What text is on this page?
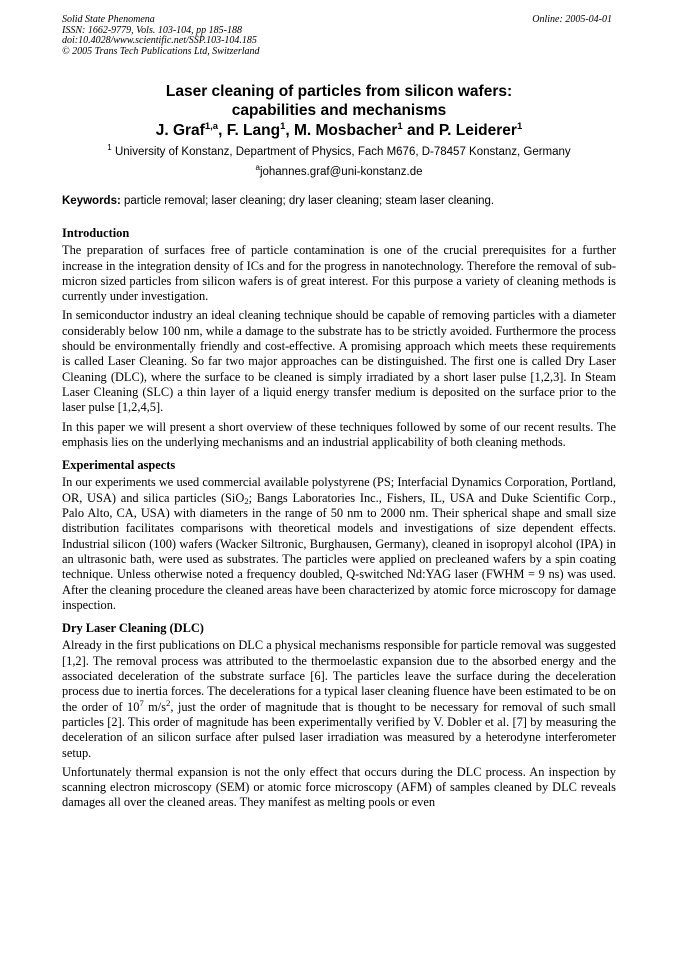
Solid State Phenomena
ISSN: 1662-9779, Vols. 103-104, pp 185-188
doi:10.4028/www.scientific.net/SSP.103-104.185
© 2005 Trans Tech Publications Ltd, Switzerland
Online: 2005-04-01
Laser cleaning of particles from silicon wafers:
capabilities and mechanisms
J. Graf$^{1,a}$, F. Lang$^1$, M. Mosbacher$^1$ and P. Leiderer$^1$
$^1$ University of Konstanz, Department of Physics, Fach M676, D-78457 Konstanz, Germany
$^a$johannes.graf@uni-konstanz.de
Keywords: particle removal; laser cleaning; dry laser cleaning; steam laser cleaning.
Introduction

The preparation of surfaces free of particle contamination is one of the crucial prerequisites for a further increase in the integration density of ICs and for the progress in nanotechnology. Therefore the removal of sub-micron sized particles from silicon wafers is of great interest. For this purpose a variety of cleaning methods is currently under investigation.

In semiconductor industry an ideal cleaning technique should be capable of removing particles with a diameter considerably below 100 nm, while a damage to the substrate has to be strictly avoided. Furthermore the process should be environmentally friendly and cost-effective. A promising approach which meets these requirements is called Laser Cleaning. So far two major approaches can be distinguished. The first one is called Dry Laser Cleaning (DLC), where the surface to be cleaned is simply irradiated by a short laser pulse [1,2,3]. In Steam Laser Cleaning (SLC) a thin layer of a liquid energy transfer medium is deposited on the surface prior to the laser pulse [1,2,4,5].

In this paper we will present a short overview of these techniques followed by some of our recent results. The emphasis lies on the underlying mechanisms and an industrial applicability of both cleaning methods.

Experimental aspects

In our experiments we used commercial available polystyrene (PS; Interfacial Dynamics Corporation, Portland, OR, USA) and silica particles (SiO$_2$; Bangs Laboratories Inc., Fishers, IL, USA and Duke Scientific Corp., Palo Alto, CA, USA) with diameters in the range of 50 nm to 2000 nm. Their spherical shape and small size distribution facilitates comparisons with theoretical models and investigations of size dependent effects. Industrial silicon (100) wafers (Wacker Siltronic, Burghausen, Germany), cleaned in isopropyl alcohol (IPA) in an ultrasonic bath, were used as substrates. The particles were applied on precleaned wafers by a spin coating technique. Unless otherwise noted a frequency doubled, Q-switched Nd:YAG laser (FWHM = 9 ns) was used. After the cleaning procedure the cleaned areas have been characterized by atomic force microscopy for damage inspection.

Dry Laser Cleaning (DLC)

Already in the first publications on DLC a physical mechanisms responsible for particle removal was suggested [1,2]. The removal process was attributed to the thermoelastic expansion due to the absorbed energy and the associated deceleration of the substrate surface [6]. The particles leave the surface during the deceleration process due to inertia forces. The decelerations for a typical laser cleaning fluence have been estimated to be on the order of $10^7$ $m/s^2$, just the order of magnitude that is thought to be necessary for removal of such small particles [2]. This order of magnitude has been experimentally verified by V. Dobler et al. [7] by measuring the deceleration of an silicon surface after pulsed laser irradiation was measured by a heterodyne interferometer setup.

Unfortunately thermal expansion is not the only effect that occurs during the DLC process. An inspection by scanning electron microscopy (SEM) or atomic force microscopy (AFM) of samples cleaned by DLC reveals damages all over the cleaned areas. They manifest as melting pools or even
